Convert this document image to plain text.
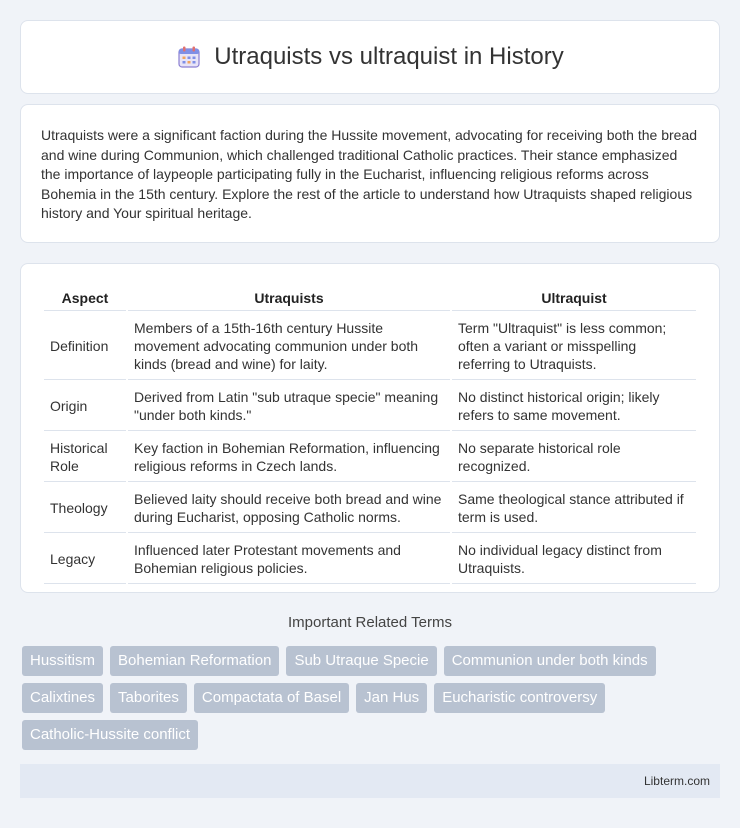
Utraquists vs ultraquist in History

Utraquists were a significant faction during the Hussite movement, advocating for receiving both the bread and wine during Communion, which challenged traditional Catholic practices. Their stance emphasized the importance of laypeople participating fully in the Eucharist, influencing religious reforms across Bohemia in the 15th century. Explore the rest of the article to understand how Utraquists shaped religious history and Your spiritual heritage.

Aspect	Utraquists	Ultraquist
Definition	Members of a 15th-16th century Hussite movement advocating communion under both kinds (bread and wine) for laity.	Term "Ultraquist" is less common; often a variant or misspelling referring to Utraquists.
Origin	Derived from Latin "sub utraque specie" meaning "under both kinds."	No distinct historical origin; likely refers to same movement.
Historical Role	Key faction in Bohemian Reformation, influencing religious reforms in Czech lands.	No separate historical role recognized.
Theology	Believed laity should receive both bread and wine during Eucharist, opposing Catholic norms.	Same theological stance attributed if term is used.
Legacy	Influenced later Protestant movements and Bohemian religious policies.	No individual legacy distinct from Utraquists.
Important Related Terms
Hussitism	Bohemian Reformation	Sub Utraque Specie	Communion under both kinds
Calixtines	Taborites	Compactata of Basel	Jan Hus	Eucharistic controversy
Catholic-Hussite conflict
Libterm.com
